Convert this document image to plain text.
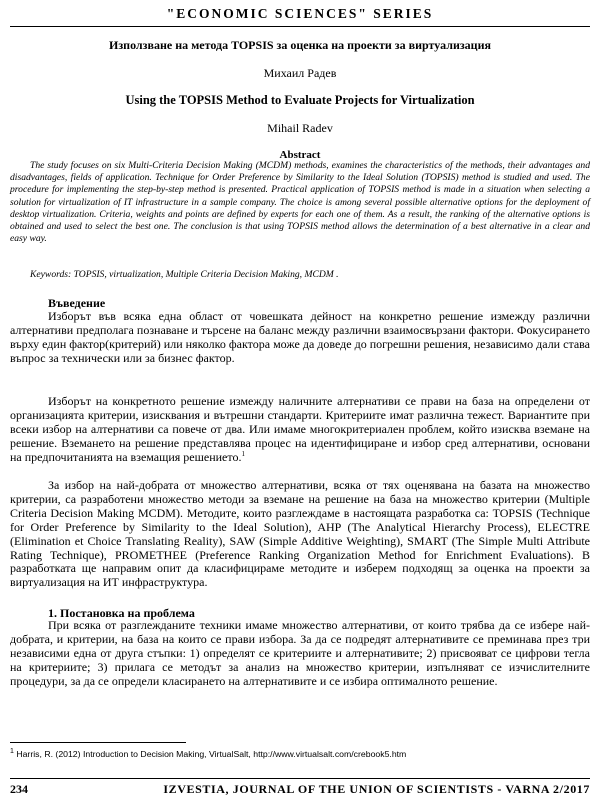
"ECONOMIC SCIENCES" SERIES
Използване на метода TOPSIS за оценка на проекти за виртуализация
Михаил Радев
Using the TOPSIS Method to Evaluate Projects for Virtualization
Mihail Radev
Abstract
The study focuses on six Multi-Criteria Decision Making (MCDM) methods, examines the characteristics of the methods, their advantages and disadvantages, fields of application. Technique for Order Preference by Similarity to the Ideal Solution (TOPSIS) method is studied and used. The procedure for implementing the step-by-step method is presented. Practical application of TOPSIS method is made in a situation when selecting a solution for virtualization of IT infrastructure in a sample company. The choice is among several possible alternative options for the deployment of desktop virtualization. Criteria, weights and points are defined by experts for each one of them. As a result, the ranking of the alternative options is obtained and used to select the best one. The conclusion is that using TOPSIS method allows the determination of a best alternative in a clear and easy way.
Keywords: TOPSIS, virtualization, Multiple Criteria Decision Making, MCDM .
Въведение
Изборът във всяка една област от човешката дейност на конкретно решение измежду различни алтернативи предполага познаване и търсене на баланс между различни взаимосвързани фактори. Фокусирането върху един фактор(критерий) или няколко фактора може да доведе до погрешни решения, независимо дали става въпрос за технически или за бизнес фактор.
Изборът на конкретното решение измежду наличните алтернативи се прави на база на определени от организацията критерии, изисквания и вътрешни стандарти. Критериите имат различна тежест. Вариантите при всеки избор на алтернативи са повече от два. Или имаме многокритериален проблем, който изисква вземане на решение. Вземането на решение представлява процес на идентифициране и избор сред алтернативи, основани на предпочитанията на вземащия решението.$^1$
За избор на най-добрата от множество алтернативи, всяка от тях оценявана на базата на множество критерии, са разработени множество методи за вземане на решение на база на множество критерии (Multiple Criteria Decision Making MCDM). Методите, които разглеждаме в настоящата разработка са: TOPSIS (Technique for Order Preference by Similarity to the Ideal Solution), AHP (The Analytical Hierarchy Process), ELECTRE (Elimination et Choice Translating Reality), SAW (Simple Additive Weighting), SMART (The Simple Multi Attribute Rating Technique), PROMETHEE (Preference Ranking Organization Method for Enrichment Evaluations). В разработката ще направим опит да класифицираме методите и изберем подходящ за оценка на проекти за виртуализация на ИТ инфраструктура.
1. Постановка на проблема
При всяка от разглежданите техники имаме множество алтернативи, от които трябва да се избере най-добрата, и критерии, на база на които се прави избора. За да се подредят алтернативите се преминава през три независими една от друга стъпки: 1) определят се критериите и алтернативите; 2) присвояват се цифрови тегла на критериите; 3) прилага се методът за анализ на множество критерии, изпълняват се изчислителните процедури, за да се определи класирането на алтернативите и се избира оптималното решение.
$^1$ Harris, R. (2012) Introduction to Decision Making, VirtualSalt, http://www.virtualsalt.com/crebook5.htm
234	IZVESTIA, JOURNAL OF THE UNION OF SCIENTISTS - VARNA 2/2017
